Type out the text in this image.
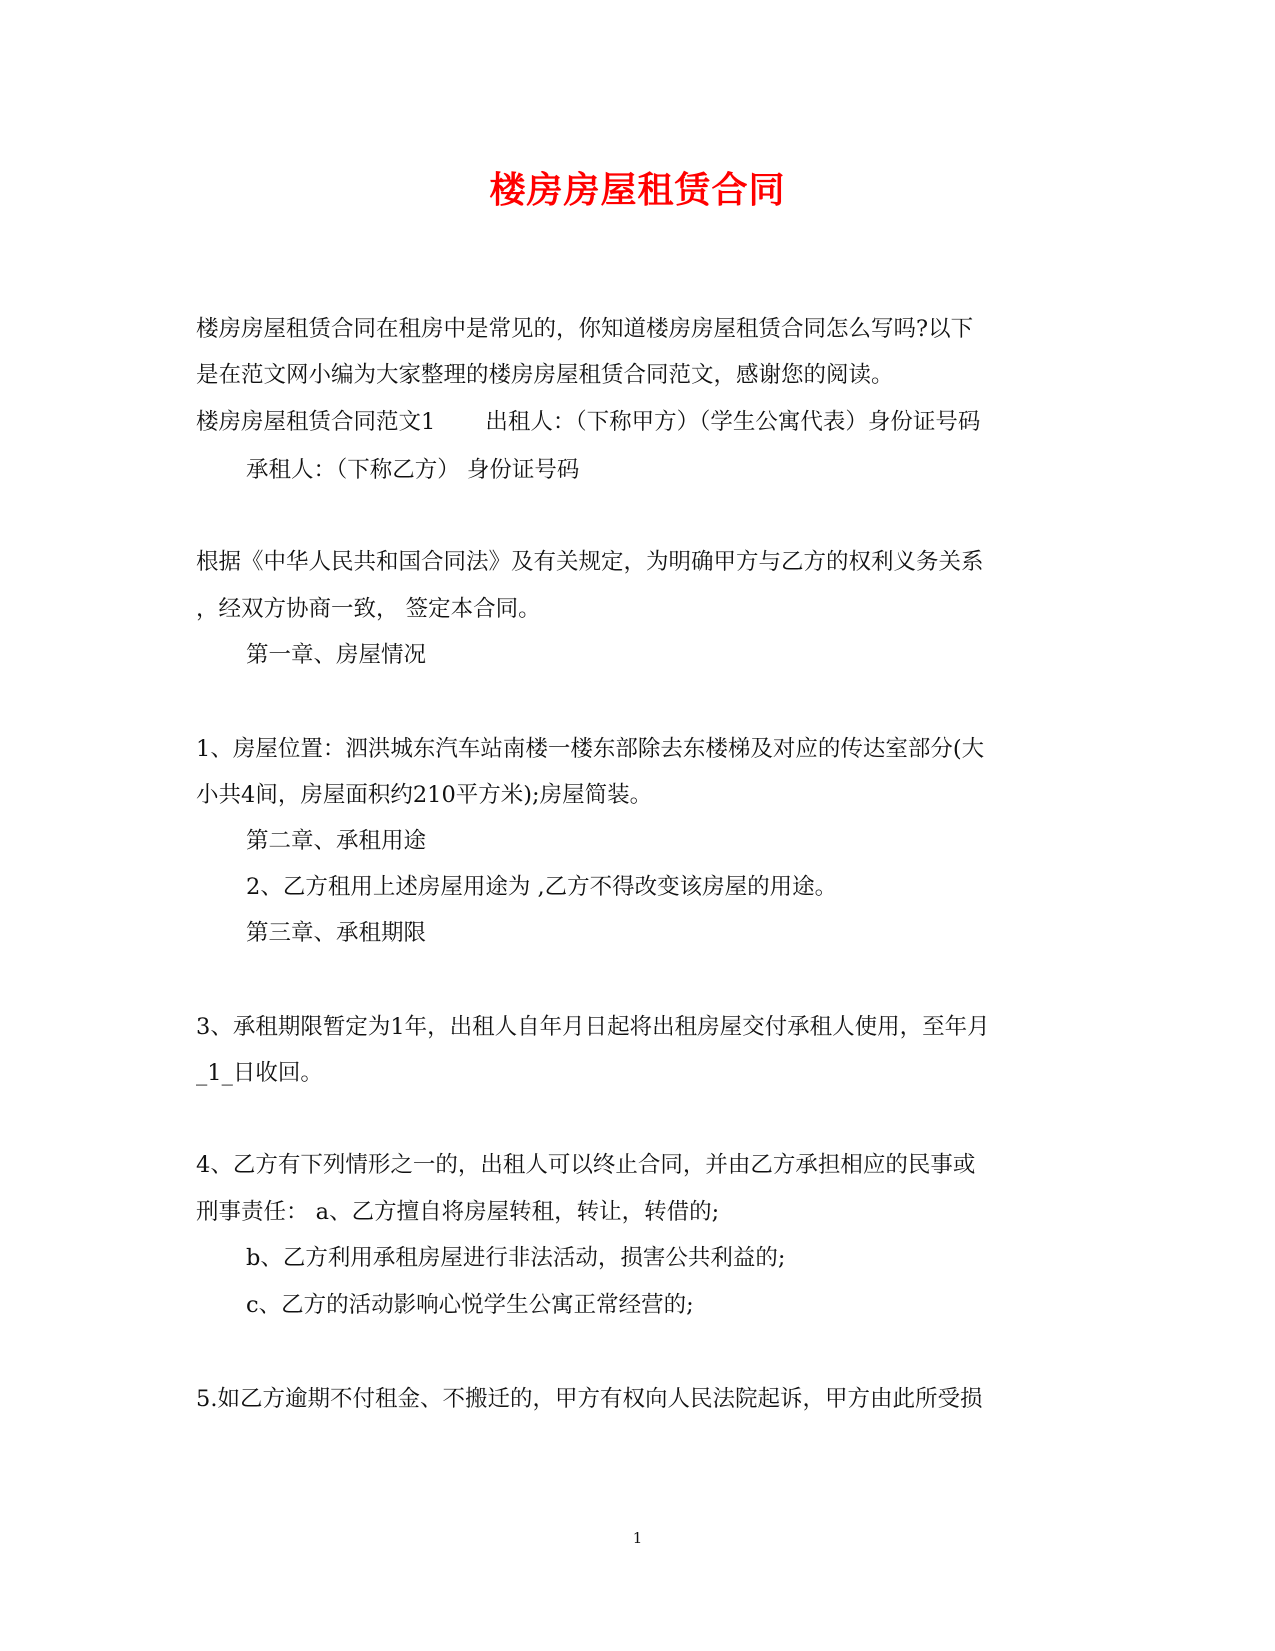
楼房房屋租赁合同
楼房房屋租赁合同在租房中是常见的，你知道楼房房屋租赁合同怎么写吗?以下
是在范文网小编为大家整理的楼房房屋租赁合同范文，感谢您的阅读。
楼房房屋租赁合同范文1 出租人：（下称甲方）（学生公寓代表）身份证号码
承租人：（下称乙方） 身份证号码
根据《中华人民共和国合同法》及有关规定，为明确甲方与乙方的权利义务关系
，经双方协商一致， 签定本合同。
第一章、房屋情况
1、房屋位置：泗洪城东汽车站南楼一楼东部除去东楼梯及对应的传达室部分(大
小共4间，房屋面积约210平方米);房屋简装。
第二章、承租用途
2、乙方租用上述房屋用途为 ,乙方不得改变该房屋的用途。
第三章、承租期限
3、承租期限暂定为1年，出租人自年月日起将出租房屋交付承租人使用，至年月
_1_日收回。
4、乙方有下列情形之一的，出租人可以终止合同，并由乙方承担相应的民事或
刑事责任： a、乙方擅自将房屋转租，转让，转借的;
b、乙方利用承租房屋进行非法活动，损害公共利益的;
c、乙方的活动影响心悦学生公寓正常经营的;
5.如乙方逾期不付租金、不搬迁的，甲方有权向人民法院起诉，甲方由此所受损
1
